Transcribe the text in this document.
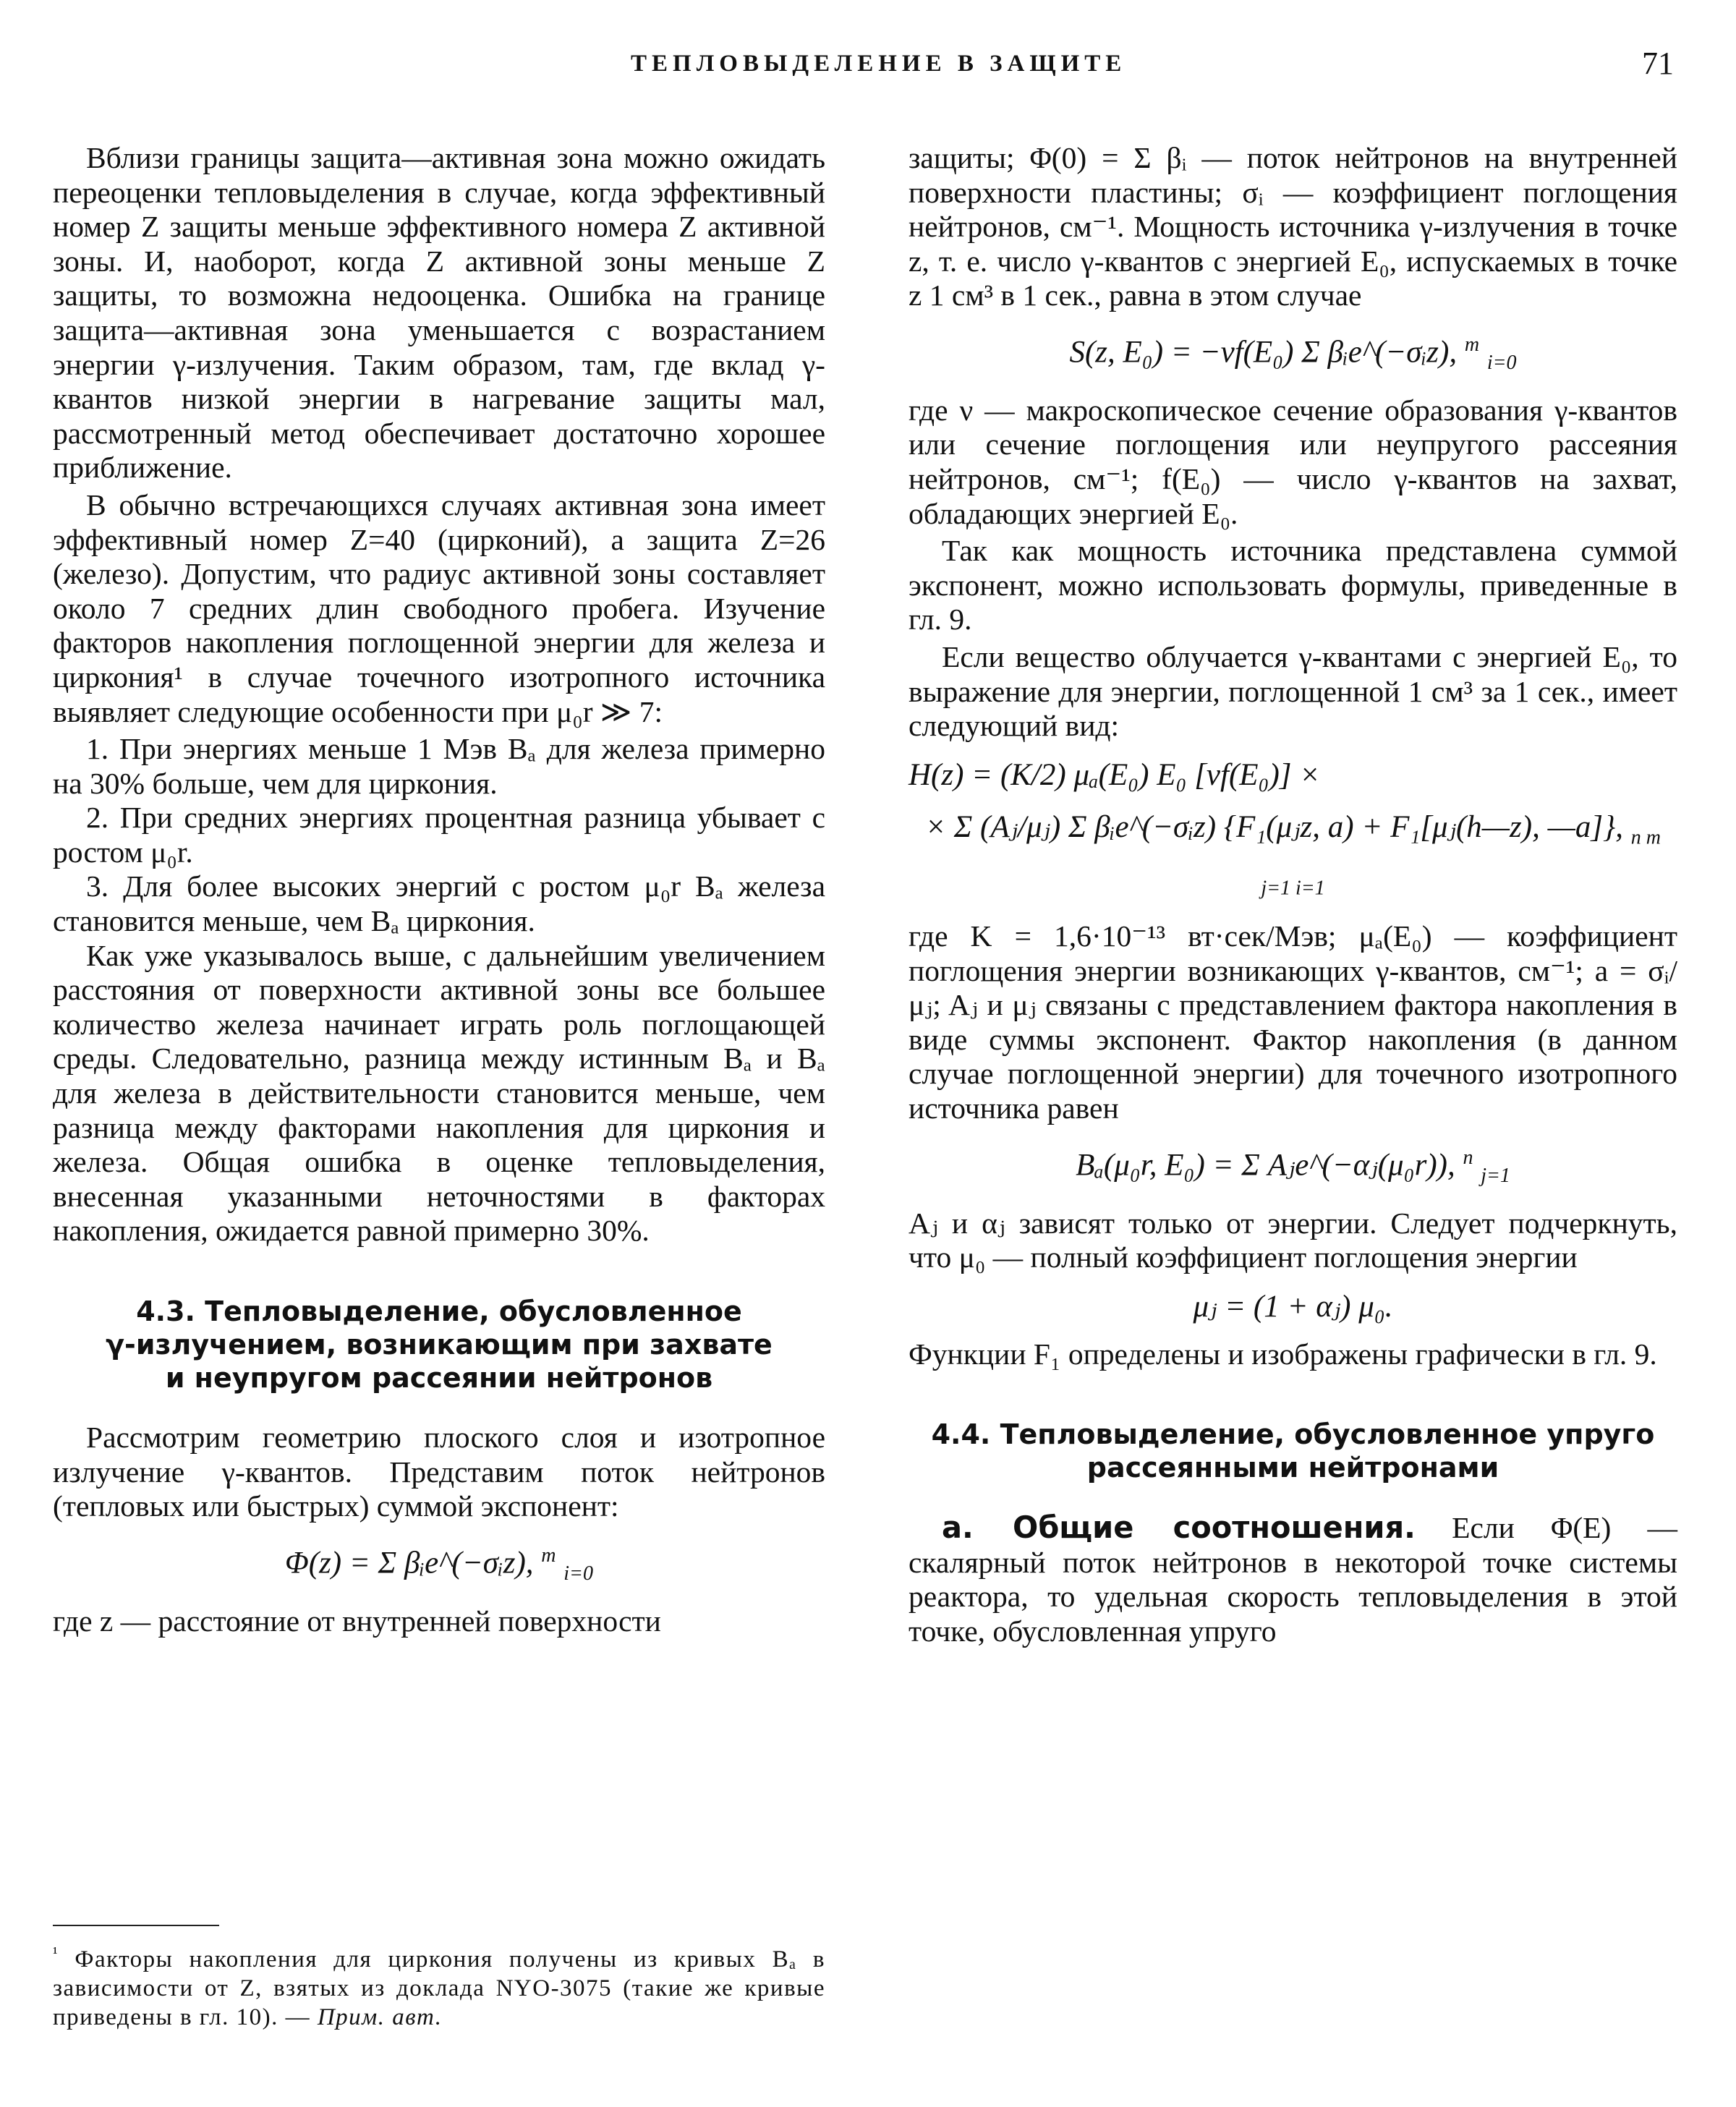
ТЕПЛОВЫДЕЛЕНИЕ В ЗАЩИТЕ	71

Вблизи границы защита—активная зона можно ожидать переоценки тепловыделения в случае, когда эффективный номер Z защиты меньше эффективного номера Z активной зоны. И, наоборот, когда Z активной зоны меньше Z защиты, то возможна недооценка. Ошибка на границе защита—активная зона уменьшается с возрастанием энергии γ-излучения. Таким образом, там, где вклад γ-квантов низкой энергии в нагревание защиты мал, рассмотренный метод обеспечивает достаточно хорошее приближение.

В обычно встречающихся случаях активная зона имеет эффективный номер Z=40 (цирконий), а защита Z=26 (железо). Допустим, что радиус активной зоны составляет около 7 средних длин свободного пробега. Изучение факторов накопления поглощенной энергии для железа и циркония¹ в случае точечного изотропного источника выявляет следующие особенности при μ₀r ≫ 7:

1. При энергиях меньше 1 Мэв Bₐ для железа примерно на 30% больше, чем для циркония.

2. При средних энергиях процентная разница убывает с ростом μ₀r.

3. Для более высоких энергий с ростом μ₀r Bₐ железа становится меньше, чем Bₐ циркония.

Как уже указывалось выше, с дальнейшим увеличением расстояния от поверхности активной зоны все большее количество железа начинает играть роль поглощающей среды. Следовательно, разница между истинным Bₐ и Bₐ для железа в действительности становится меньше, чем разница между факторами накопления для циркония и железа. Общая ошибка в оценке тепловыделения, внесенная указанными неточностями в факторах накопления, ожидается равной примерно 30%.

4.3. Тепловыделение, обусловленное
γ-излучением, возникающим при захвате
и неупругом рассеянии нейтронов

Рассмотрим геометрию плоского слоя и изотропное излучение γ-квантов. Представим поток нейтронов (тепловых или быстрых) суммой экспонент:

Φ(z) = Σ βᵢe^(−σᵢz), $^m$ $_{i=0}$

где z — расстояние от внутренней поверхности

$^{^1}$ Факторы накопления для циркония получены из кривых Bₐ в зависимости от Z, взятых из доклада NYO-3075 (такие же кривые приведены в гл. 10). — Прим. авт.

защиты; Φ(0) = Σ βᵢ — поток нейтронов на внутренней поверхности пластины; σᵢ — коэффициент поглощения нейтронов, см⁻¹. Мощность источника γ-излучения в точке z, т. е. число γ-квантов с энергией E₀, испускаемых в точке z 1 см³ в 1 сек., равна в этом случае

S(z, E₀) = −νf(E₀) Σ βᵢe^(−σᵢz), $^m$ $_{i=0}$

где ν — макроскопическое сечение образования γ-квантов или сечение поглощения или неупругого рассеяния нейтронов, см⁻¹; f(E₀) — число γ-квантов на захват, обладающих энергией E₀.

Так как мощность источника представлена суммой экспонент, можно использовать формулы, приведенные в гл. 9.

Если вещество облучается γ-квантами с энергией E₀, то выражение для энергии, поглощенной 1 см³ за 1 сек., имеет следующий вид:

H(z) = (K/2) μₐ(E₀) E₀ [νf(E₀)] ×
× Σ (Aⱼ/μⱼ) Σ βᵢe^(−σᵢz) {F₁(μⱼz, a) + F₁[μⱼ(h—z), —a]}, $_{n m j=1 i=1}$

где K = 1,6·10⁻¹³ вт·сек/Мэв; μₐ(E₀) — коэффициент поглощения энергии возникающих γ-квантов, см⁻¹; a = σᵢ/μⱼ; Aⱼ и μⱼ связаны с представлением фактора накопления в виде суммы экспонент. Фактор накопления (в данном случае поглощенной энергии) для точечного изотропного источника равен

Bₐ(μ₀r, E₀) = Σ Aⱼe^(−αⱼ(μ₀r)), $^n$ $_{j=1}$

Aⱼ и αⱼ зависят только от энергии. Следует подчеркнуть, что μ₀ — полный коэффициент поглощения энергии

μⱼ = (1 + αⱼ) μ₀.

Функции F₁ определены и изображены графически в гл. 9.

4.4. Тепловыделение, обусловленное упруго
рассеянными нейтронами

а. Общие соотношения. Если Φ(E) — скалярный поток нейтронов в некоторой точке системы реактора, то удельная скорость тепловыделения в этой точке, обусловленная упруго
